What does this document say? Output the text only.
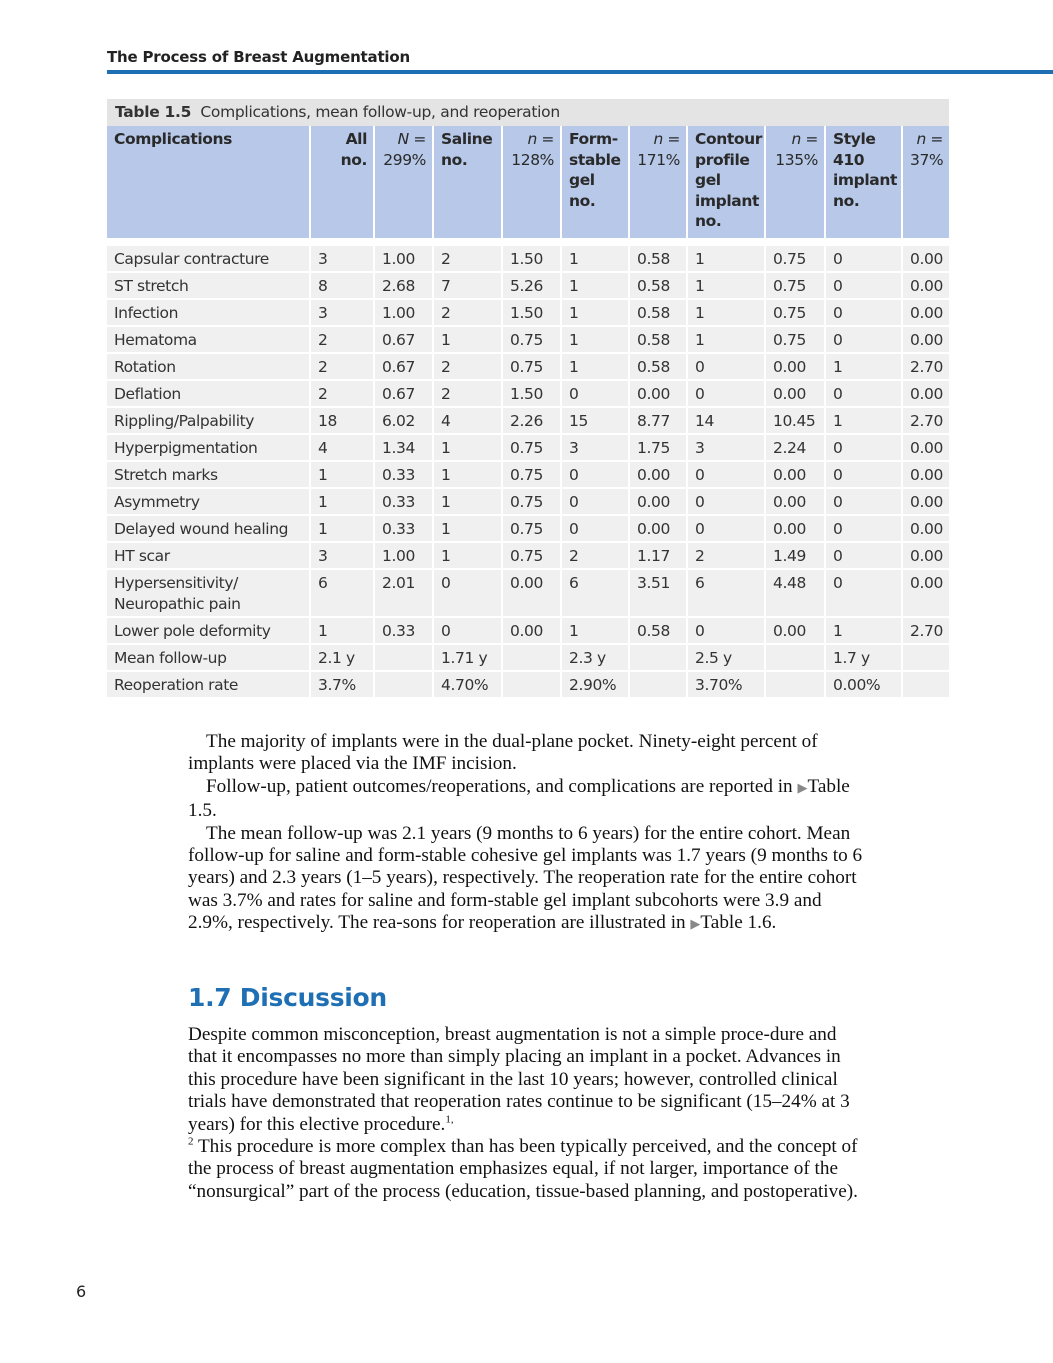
The Process of Breast Augmentation
Table 1.5 Complications, mean follow-up, and reoperation
Complications	All no.	N = 299%	Saline no.	n = 128%	Form-stable gel no.	n = 171%	Contour profile gel implant no.	n = 135%	Style 410 implant no.	n = 37%
Capsular contracture	3	1.00	2	1.50	1	0.58	1	0.75	0	0.00
ST stretch	8	2.68	7	5.26	1	0.58	1	0.75	0	0.00
Infection	3	1.00	2	1.50	1	0.58	1	0.75	0	0.00
Hematoma	2	0.67	1	0.75	1	0.58	1	0.75	0	0.00
Rotation	2	0.67	2	0.75	1	0.58	0	0.00	1	2.70
Deflation	2	0.67	2	1.50	0	0.00	0	0.00	0	0.00
Rippling/Palpability	18	6.02	4	2.26	15	8.77	14	10.45	1	2.70
Hyperpigmentation	4	1.34	1	0.75	3	1.75	3	2.24	0	0.00
Stretch marks	1	0.33	1	0.75	0	0.00	0	0.00	0	0.00
Asymmetry	1	0.33	1	0.75	0	0.00	0	0.00	0	0.00
Delayed wound healing	1	0.33	1	0.75	0	0.00	0	0.00	0	0.00
HT scar	3	1.00	1	0.75	2	1.17	2	1.49	0	0.00
Hypersensitivity/
Neuropathic pain	6	2.01	0	0.00	6	3.51	6	4.48	0	0.00
Lower pole deformity	1	0.33	0	0.00	1	0.58	0	0.00	1	2.70
Mean follow-up	2.1 y		1.71 y		2.3 y		2.5 y		1.7 y	
Reoperation rate	3.7%		4.70%		2.90%		3.70%		0.00%	

The majority of implants were in the dual-plane pocket. Ninety-eight percent of implants were placed via the IMF incision.

Follow-up, patient outcomes/reoperations, and complications are reported in ▶Table 1.5.

The mean follow-up was 2.1 years (9 months to 6 years) for the entire cohort. Mean follow-up for saline and form-stable cohesive gel implants was 1.7 years (9 months to 6 years) and 2.3 years (1–5 years), respectively. The reoperation rate for the entire cohort was 3.7% and rates for saline and form-stable gel implant subcohorts were 3.9 and 2.9%, respectively. The rea-sons for reoperation are illustrated in ▶Table 1.6.

1.7 Discussion

Despite common misconception, breast augmentation is not a simple proce-dure and that it encompasses no more than simply placing an implant in a pocket. Advances in this procedure have been significant in the last 10 years; however, controlled clinical trials have demonstrated that reoperation rates continue to be significant (15–24% at 3 years) for this elective procedure.$^{1,}$
$^2$ This procedure is more complex than has been typically perceived, and the concept of the process of breast augmentation emphasizes equal, if not larger, importance of the “nonsurgical” part of the process (education, tissue-based planning, and postoperative).

6
